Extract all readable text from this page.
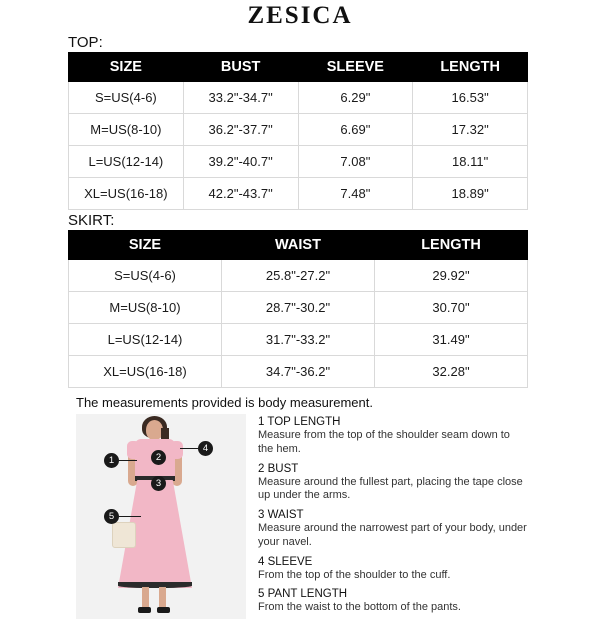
ZESICA
TOP:
SIZE	BUST	SLEEVE	LENGTH
S=US(4-6)	33.2"-34.7"	6.29"	16.53"
M=US(8-10)	36.2"-37.7"	6.69"	17.32"
L=US(12-14)	39.2"-40.7"	7.08"	18.11"
XL=US(16-18)	42.2"-43.7"	7.48"	18.89"
SKIRT:
SIZE	WAIST	LENGTH
S=US(4-6)	25.8"-27.2"	29.92"
M=US(8-10)	28.7"-30.2"	30.70"
L=US(12-14)	31.7"-33.2"	31.49"
XL=US(16-18)	34.7"-36.2"	32.28"
The measurements provided is body measurement.
1	2
3
4
5
1 TOP LENGTH
Measure from the top of the shoulder seam down to the hem.
2 BUST
Measure around the fullest part, placing the tape close up under the arms.
3 WAIST
Measure around the narrowest part of your body, under your navel.
4 SLEEVE
From the top of the shoulder to the cuff.
5 PANT LENGTH
From the waist to the bottom of the pants.
